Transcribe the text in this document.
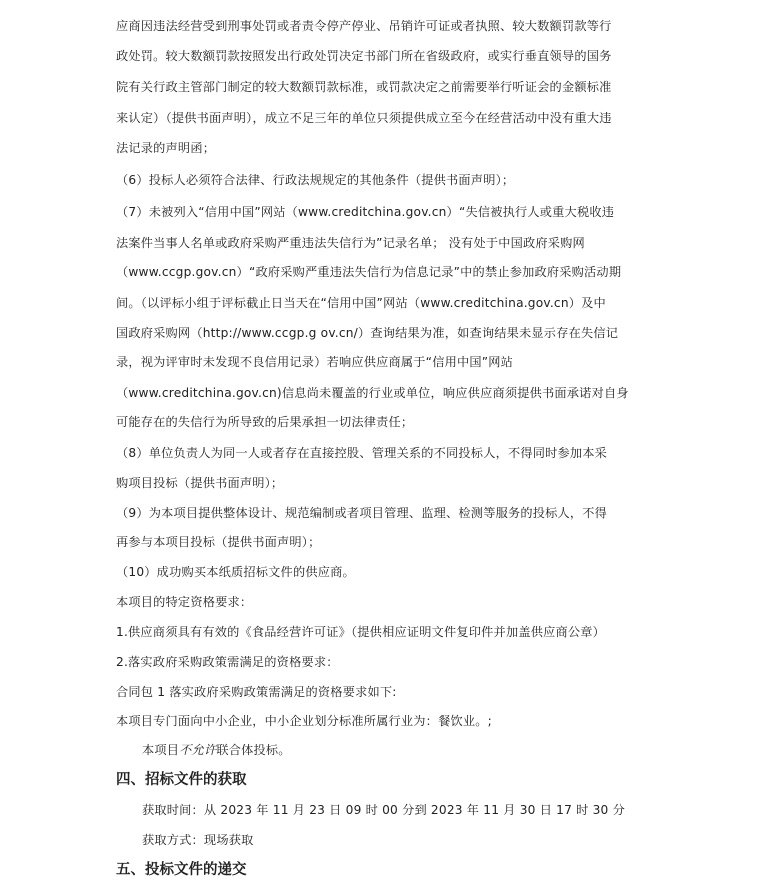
应商因违法经营受到刑事处罚或者责令停产停业、吊销许可证或者执照、较大数额罚款等行
政处罚。较大数额罚款按照发出行政处罚决定书部门所在省级政府，或实行垂直领导的国务
院有关行政主管部门制定的较大数额罚款标准，或罚款决定之前需要举行听证会的金额标准
来认定）（提供书面声明），成立不足三年的单位只须提供成立至今在经营活动中没有重大违
法记录的声明函；
（6）投标人必须符合法律、行政法规规定的其他条件（提供书面声明）；
（7）未被列入“信用中国”网站（www.creditchina.gov.cn）“失信被执行人或重大税收违
法案件当事人名单或政府采购严重违法失信行为”记录名单； 没有处于中国政府采购网
（www.ccgp.gov.cn）“政府采购严重违法失信行为信息记录”中的禁止参加政府采购活动期
间。（以评标小组于评标截止日当天在“信用中国”网站（www.creditchina.gov.cn）及中
国政府采购网（http://www.ccgp.g ov.cn/）查询结果为准，如查询结果未显示存在失信记
录，视为评审时未发现不良信用记录）若响应供应商属于“信用中国”网站
（www.creditchina.gov.cn)信息尚未覆盖的行业或单位，响应供应商须提供书面承诺对自身
可能存在的失信行为所导致的后果承担一切法律责任；
（8）单位负责人为同一人或者存在直接控股、管理关系的不同投标人，不得同时参加本采
购项目投标（提供书面声明）；
（9）为本项目提供整体设计、规范编制或者项目管理、监理、检测等服务的投标人，不得
再参与本项目投标（提供书面声明）；
（10）成功购买本纸质招标文件的供应商。
本项目的特定资格要求：
1.供应商须具有有效的《食品经营许可证》（提供相应证明文件复印件并加盖供应商公章）
2.落实政府采购政策需满足的资格要求：
合同包 1 落实政府采购政策需满足的资格要求如下:
本项目专门面向中小企业，中小企业划分标准所属行业为：餐饮业。;
本项目不允许联合体投标。
四、招标文件的获取
获取时间：从 2023 年 11 月 23 日 09 时 00 分到 2023 年 11 月 30 日 17 时 30 分
获取方式：现场获取
五、投标文件的递交
